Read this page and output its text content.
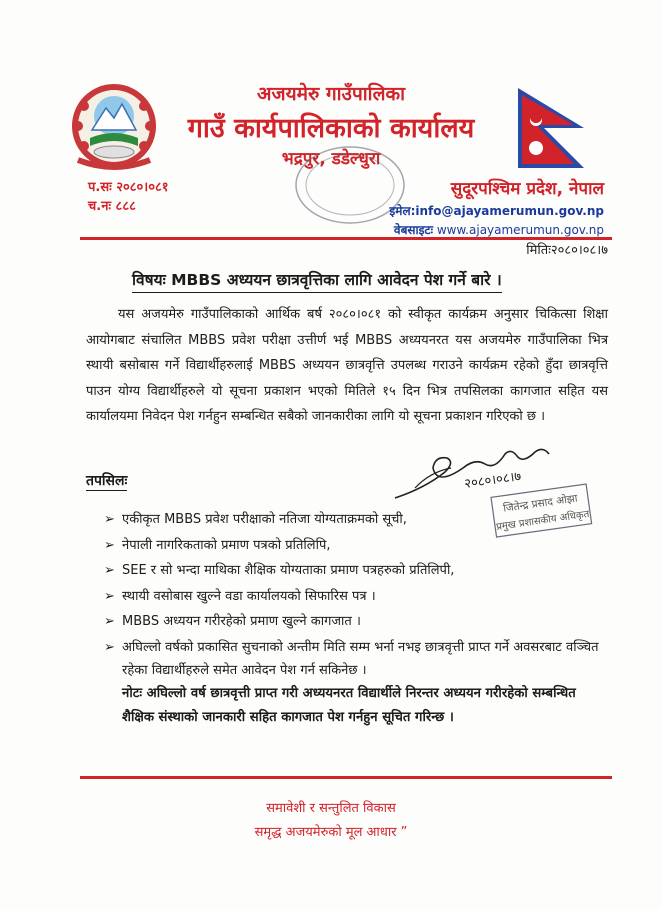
अजयमेरु गाउँपालिका
गाउँ कार्यपालिकाको कार्यालय
भद्रपुर, डडेल्धुरा
प.सः २०८०।०८१
च.नः ८८८
सुदूरपश्चिम प्रदेश, नेपाल
इमेल:info@ajayamerumun.gov.np
वेबसाइटः www.ajayamerumun.gov.np
मितिः२०८०।०८।७
विषयः MBBS अध्ययन छात्रवृत्तिका लागि आवेदन पेश गर्ने बारे ।

यस अजयमेरु गाउँपालिकाको आर्थिक बर्ष २०८०।०८१ को स्वीकृत कार्यक्रम अनुसार चिकित्सा शिक्षा आयोगबाट संचालित MBBS प्रवेश परीक्षा उत्तीर्ण भई MBBS अध्ययनरत यस अजयमेरु गाउँपालिका भित्र स्थायी बसोबास गर्ने विद्यार्थीहरुलाई MBBS अध्ययन छात्रवृत्ति उपलब्ध गराउने कार्यक्रम रहेको हुँदा छात्रवृत्ति पाउन योग्य विद्यार्थीहरुले यो सूचना प्रकाशन भएको मितिले १५ दिन भित्र तपसिलका कागजात सहित यस कार्यालयमा निवेदन पेश गर्नहुन सम्बन्धित सबैको जानकारीका लागि यो सूचना प्रकाशन गरिएको छ ।

तपसिलः	२०८०।०८।७
जितेन्द्र प्रसाद ओझा
प्रमुख प्रशासकीय अधिकृत
➢ एकीकृत MBBS प्रवेश परीक्षाको नतिजा योग्यताक्रमको सूची,
➢ नेपाली नागरिकताको प्रमाण पत्रको प्रतिलिपि,
➢ SEE र सो भन्दा माथिका शैक्षिक योग्यताका प्रमाण पत्रहरुको प्रतिलिपी,
➢ स्थायी वसोबास खुल्ने वडा कार्यालयको सिफारिस पत्र ।
➢ MBBS अध्ययन गरीरहेको प्रमाण खुल्ने कागजात ।
➢ अघिल्लो वर्षको प्रकासित सुचनाको अन्तीम मिति सम्म भर्ना नभइ छात्रवृत्ती प्राप्त गर्ने अवसरबाट वञ्चित रहेका विद्यार्थीहरुले समेत आवेदन पेश गर्न सकिनेछ ।
नोटः अघिल्लो वर्ष छात्रवृत्ती प्राप्त गरी अध्ययनरत विद्यार्थीले निरन्तर अध्ययन गरीरहेको सम्बन्धित शैक्षिक संस्थाको जानकारी सहित कागजात पेश गर्नहुन सूचित गरिन्छ ।
समावेशी र सन्तुलित विकास
समृद्ध अजयमेरुको मूल आधार ”
